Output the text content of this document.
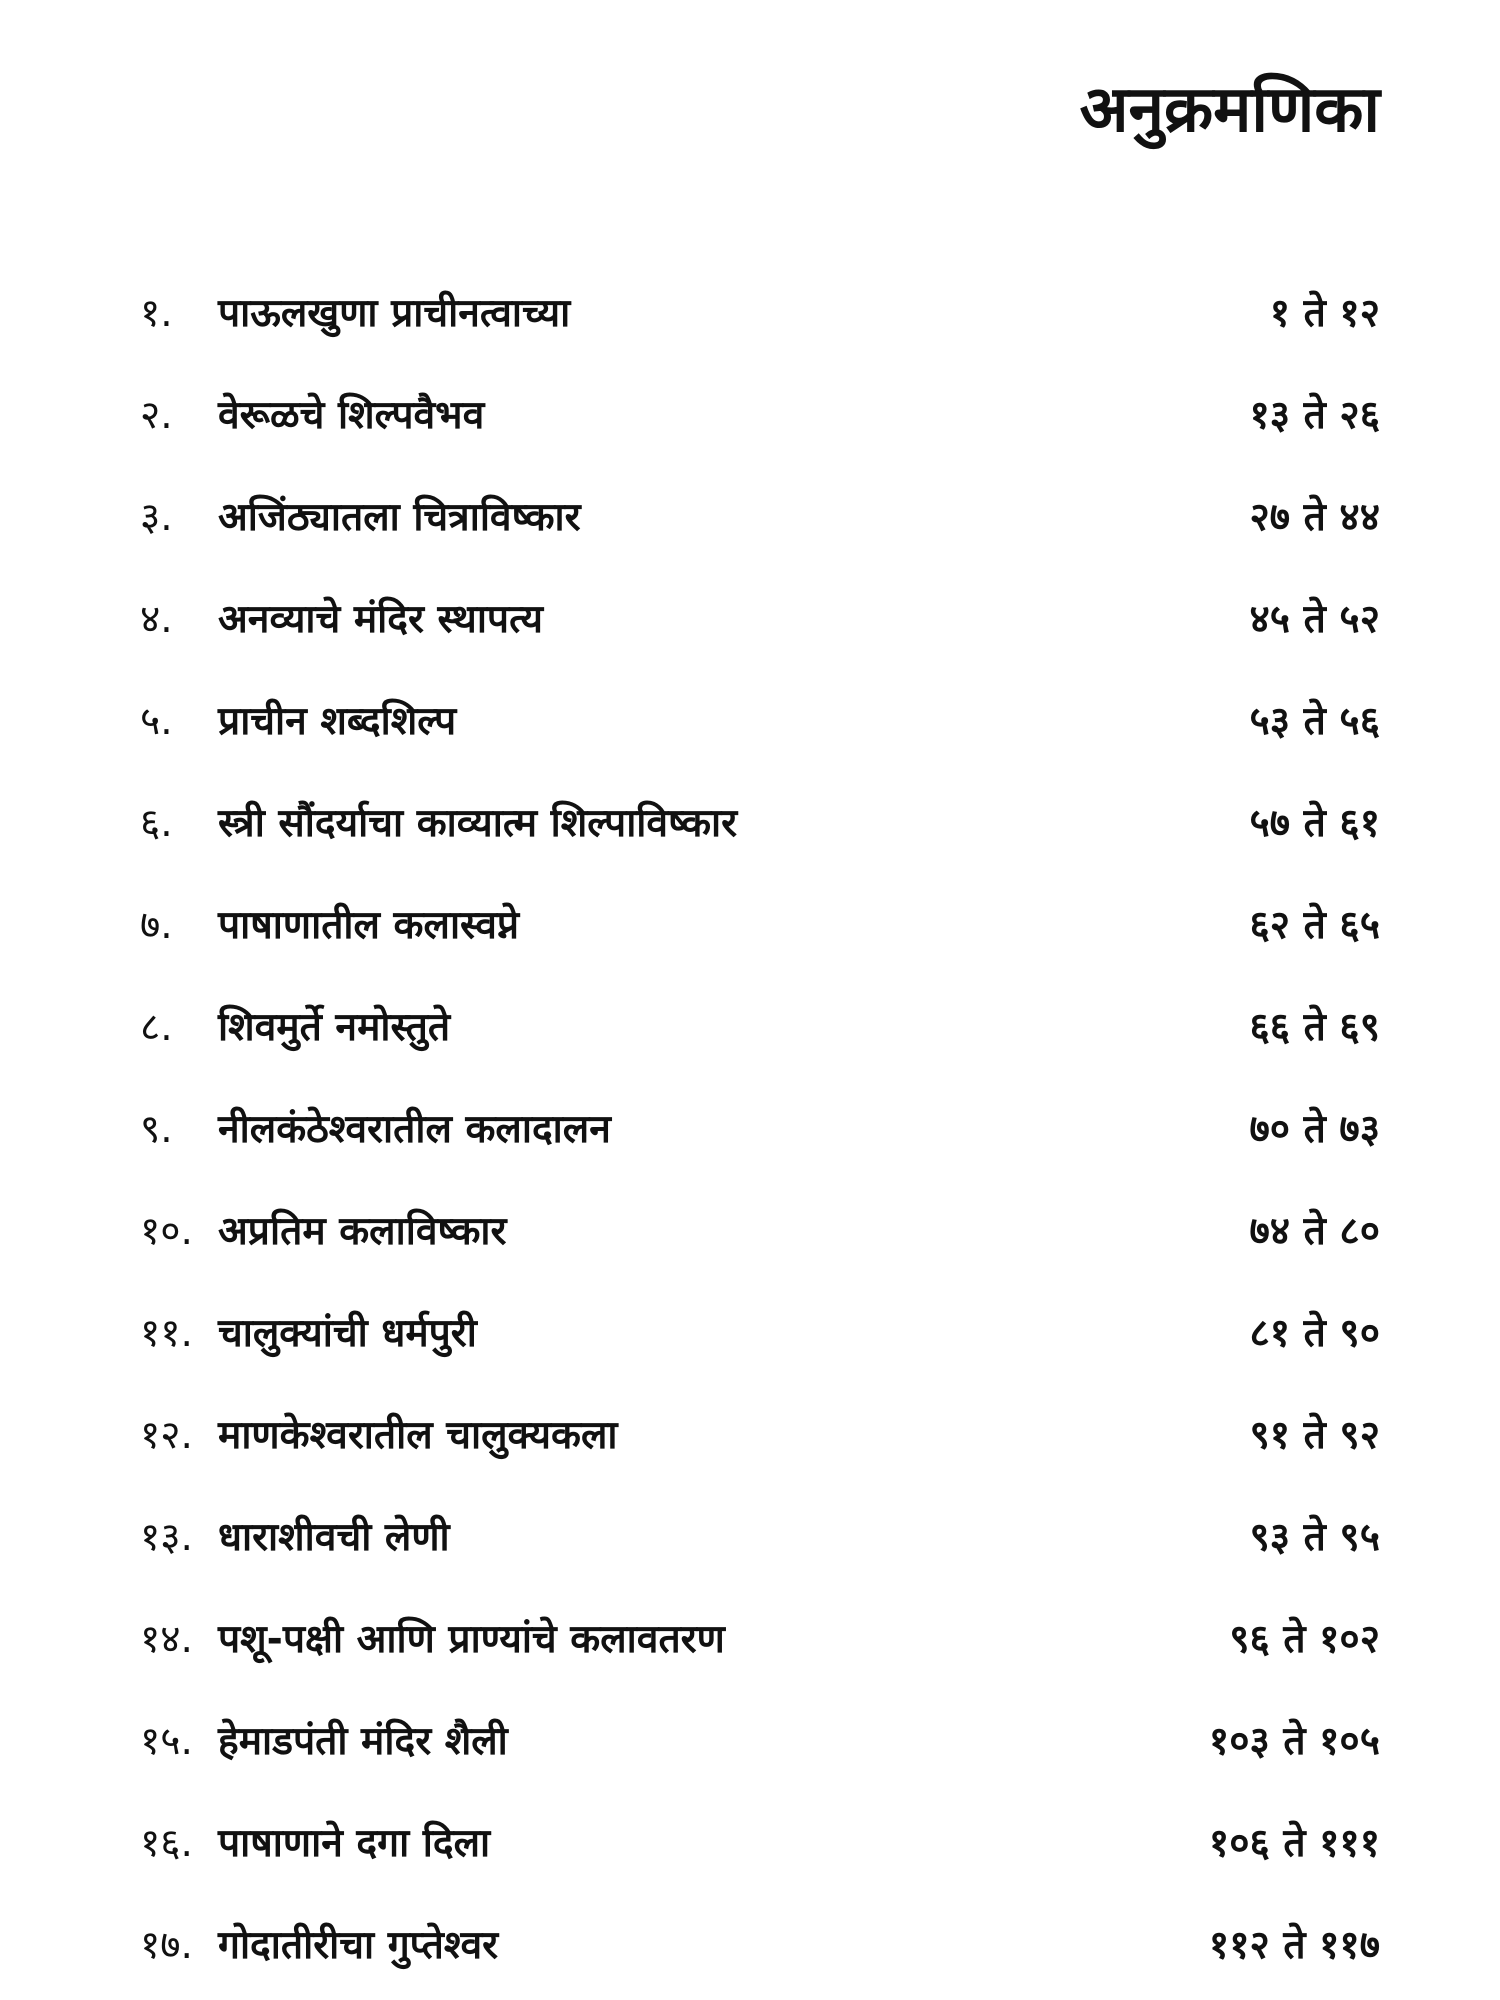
अनुक्रमणिका
१.	पाऊलखुणा प्राचीनत्वाच्या	१ ते १२
२.	वेरूळचे शिल्पवैभव	१३ ते २६
३.	अजिंठ्यातला चित्राविष्कार	२७ ते ४४
४.	अनव्याचे मंदिर स्थापत्य	४५ ते ५२
५.	प्राचीन शब्दशिल्प	५३ ते ५६
६.	स्त्री सौंदर्याचा काव्यात्म शिल्पाविष्कार	५७ ते ६१
७.	पाषाणातील कलास्वप्ने	६२ ते ६५
८.	शिवमुर्ते नमोस्तुते	६६ ते ६९
९.	नीलकंठेश्वरातील कलादालन	७० ते ७३
१०. अप्रतिम कलाविष्कार	७४ ते ८०
११. चालुक्यांची धर्मपुरी	८१ ते ९०
१२. माणकेश्वरातील चालुक्यकला	९१ ते ९२
१३. धाराशीवची लेणी	९३ ते ९५
१४. पशू-पक्षी आणि प्राण्यांचे कलावतरण	९६ ते १०२
१५. हेमाडपंती मंदिर शैली	१०३ ते १०५
१६. पाषाणाने दगा दिला	१०६ ते १११
१७. गोदातीरीचा गुप्तेश्वर	११२ ते ११७
